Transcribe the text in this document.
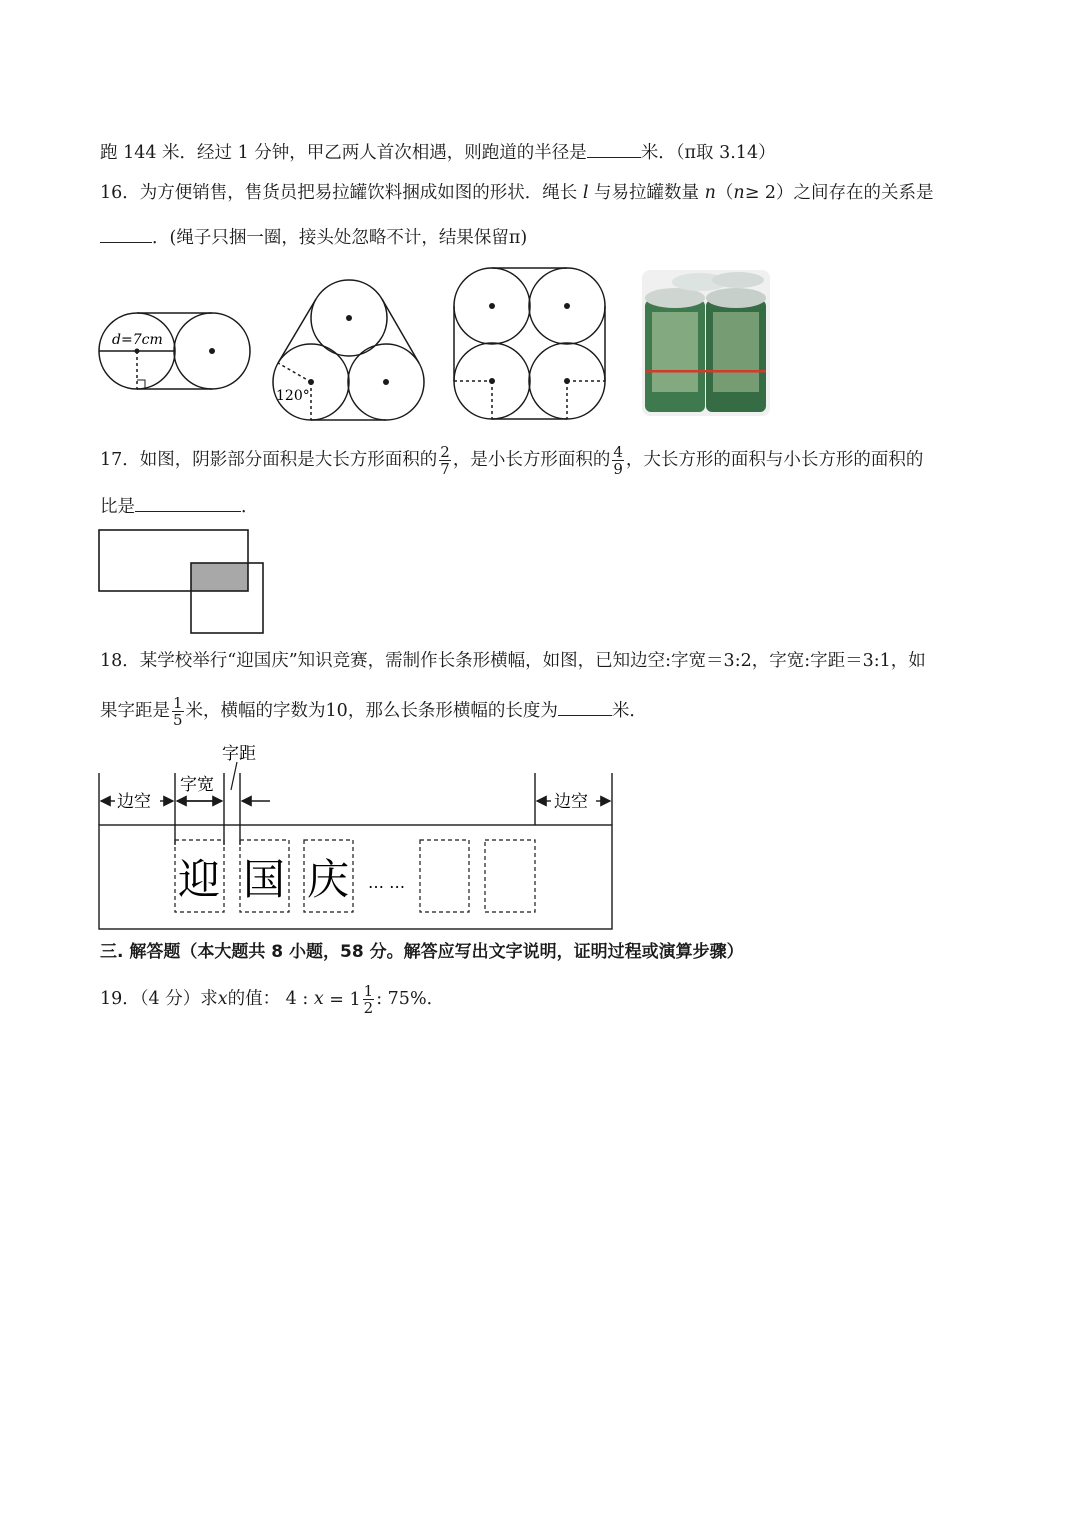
跑 144 米．经过 1 分钟，甲乙两人首次相遇，则跑道的半径是	米．（π取 3.14）
16．为方便销售，售货员把易拉罐饮料捆成如图的形状．绳长 l 与易拉罐数量 n（n≥ 2）之间存在的关系是
．(绳子只捆一圈，接头处忽略不计，结果保留π)
d=7cm
120°
17．如图，阴影部分面积是大长方形面积的 $\frac{2}{7}$ ，是小长方形面积的 $\frac{4}{9}$ ，大长方形的面积与小长方形的面积的
比是	．
18．某学校举行“迎国庆”知识竞赛，需制作长条形横幅，如图，已知边空:字宽＝3:2，字宽:字距＝3:1，如
果字距是 $\frac{1}{5}$ 米，横幅的字数为10，那么长条形横幅的长度为	米．
边空
字宽
字距
边空
迎 国 庆 … …
三. 解答题（本大题共 8 小题，58 分。解答应写出文字说明，证明过程或演算步骤）
19．（4 分）求x的值： 4 : $x = 1 \frac{1}{2}$ : 75%．
